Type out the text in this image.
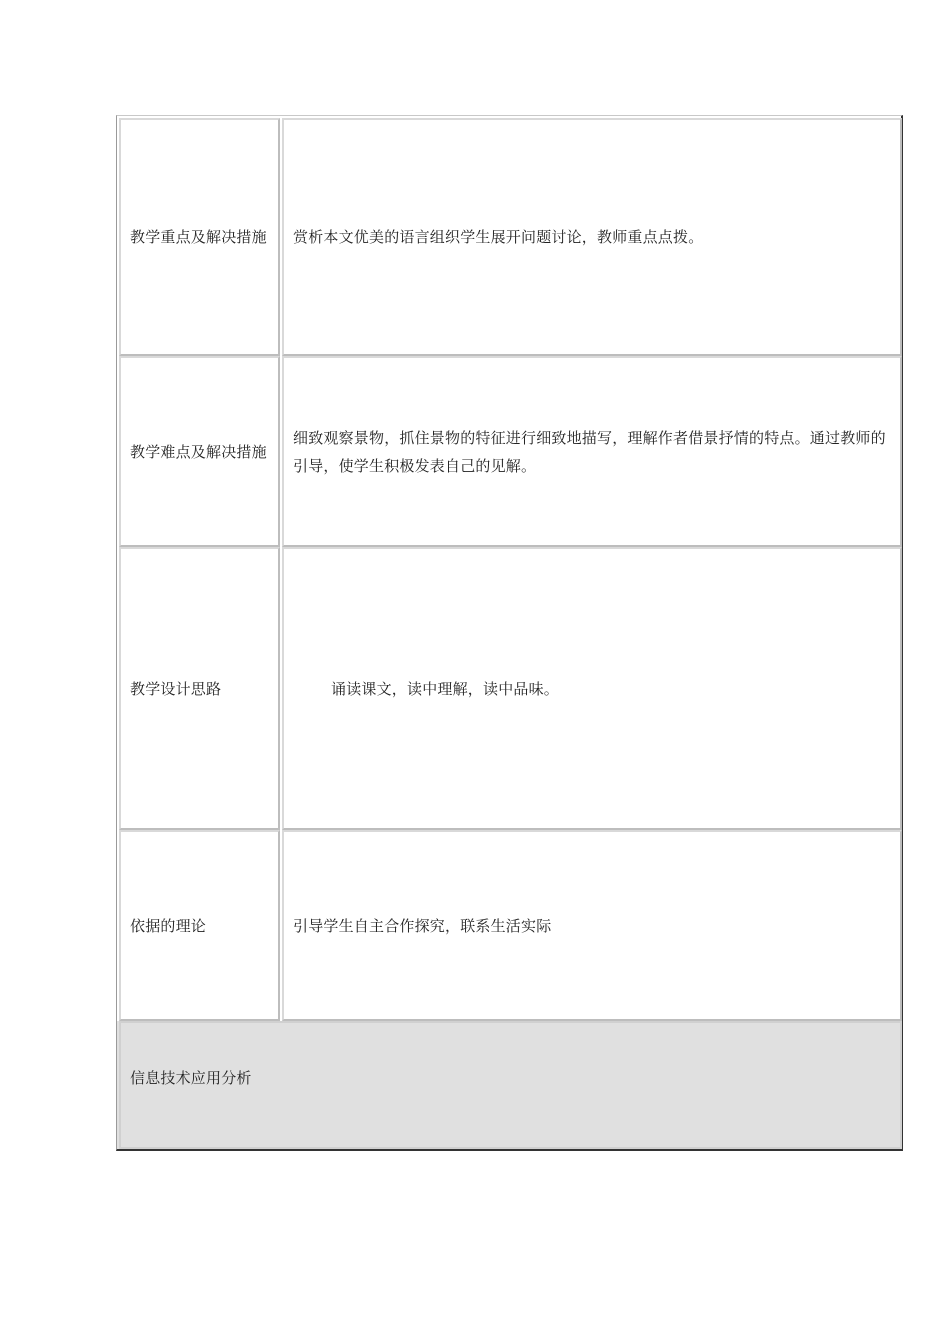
教学重点及解决措施 赏析本文优美的语言组织学生展开问题讨论，教师重点点拨。
教学难点及解决措施
细致观察景物，抓住景物的特征进行细致地描写，理解作者借景抒情的特点。通过教师的引导，使学生积极发表自己的见解。
教学设计思路	诵读课文，读中理解，读中品味。
依据的理论	引导学生自主合作探究，联系生活实际
信息技术应用分析
